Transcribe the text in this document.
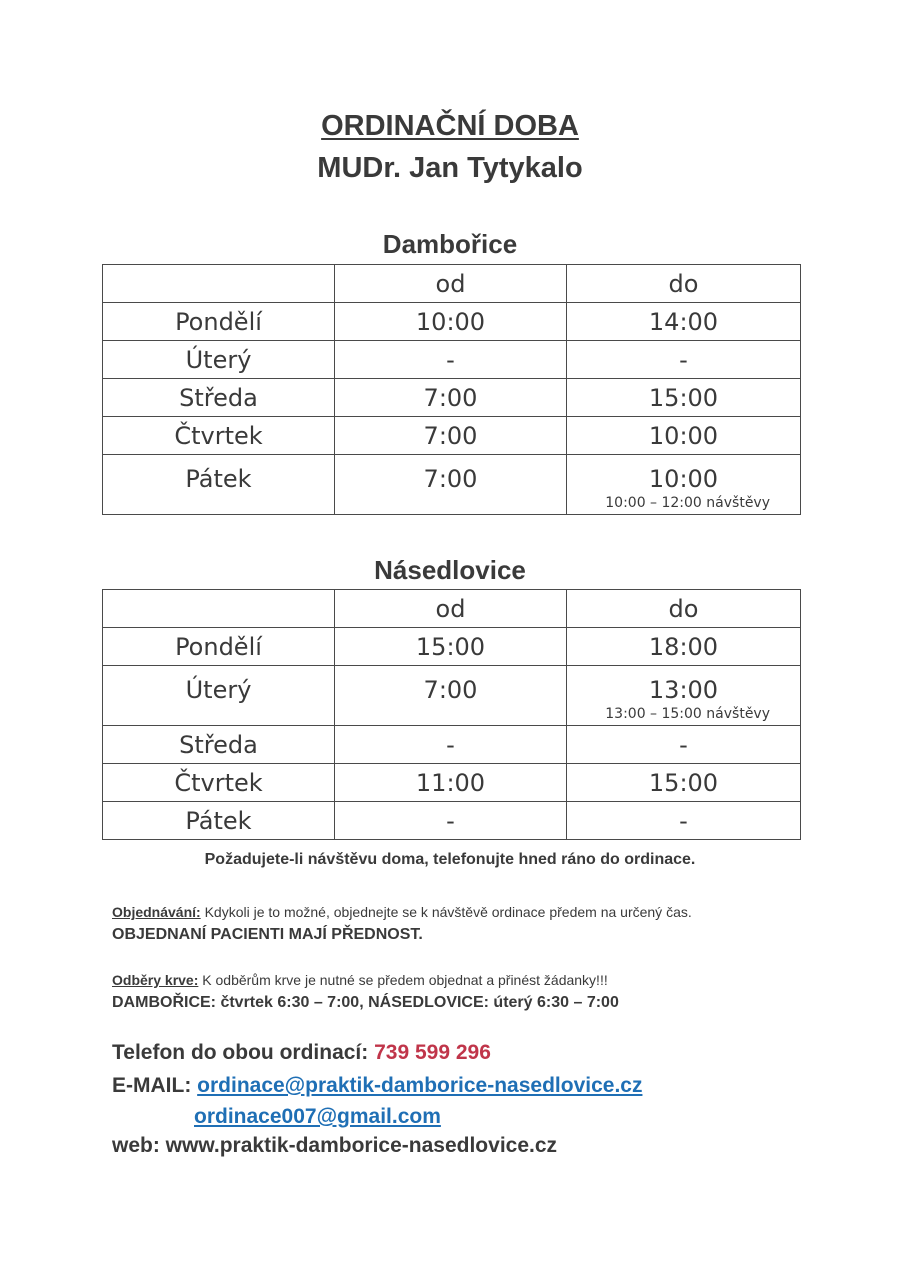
ORDINAČNÍ DOBA
MUDr. Jan Tytykalo
Dambořice
	od	do
Pondělí	10:00	14:00
Úterý	-	-
Středa	7:00	15:00
Čtvrtek	7:00	10:00
Pátek	7:00	10:00
10:00 – 12:00 návštěvy
Násedlovice
	od	do
Pondělí	15:00	18:00
Úterý	7:00	13:00
13:00 – 15:00 návštěvy

Středa	-	-
Čtvrtek	11:00	15:00
Pátek	-	-
Požadujete-li návštěvu doma, telefonujte hned ráno do ordinace.
Objednávání: Kdykoli je to možné, objednejte se k návštěvě ordinace předem na určený čas.
OBJEDNANÍ PACIENTI MAJÍ PŘEDNOST.
Odběry krve: K odběrům krve je nutné se předem objednat a přinést žádanky!!!
DAMBOŘICE: čtvrtek 6:30 – 7:00, NÁSEDLOVICE: úterý 6:30 – 7:00
Telefon do obou ordinací: 739 599 296
E-MAIL: ordinace@praktik-damborice-nasedlovice.cz
ordinace007@gmail.com
web: www.praktik-damborice-nasedlovice.cz
